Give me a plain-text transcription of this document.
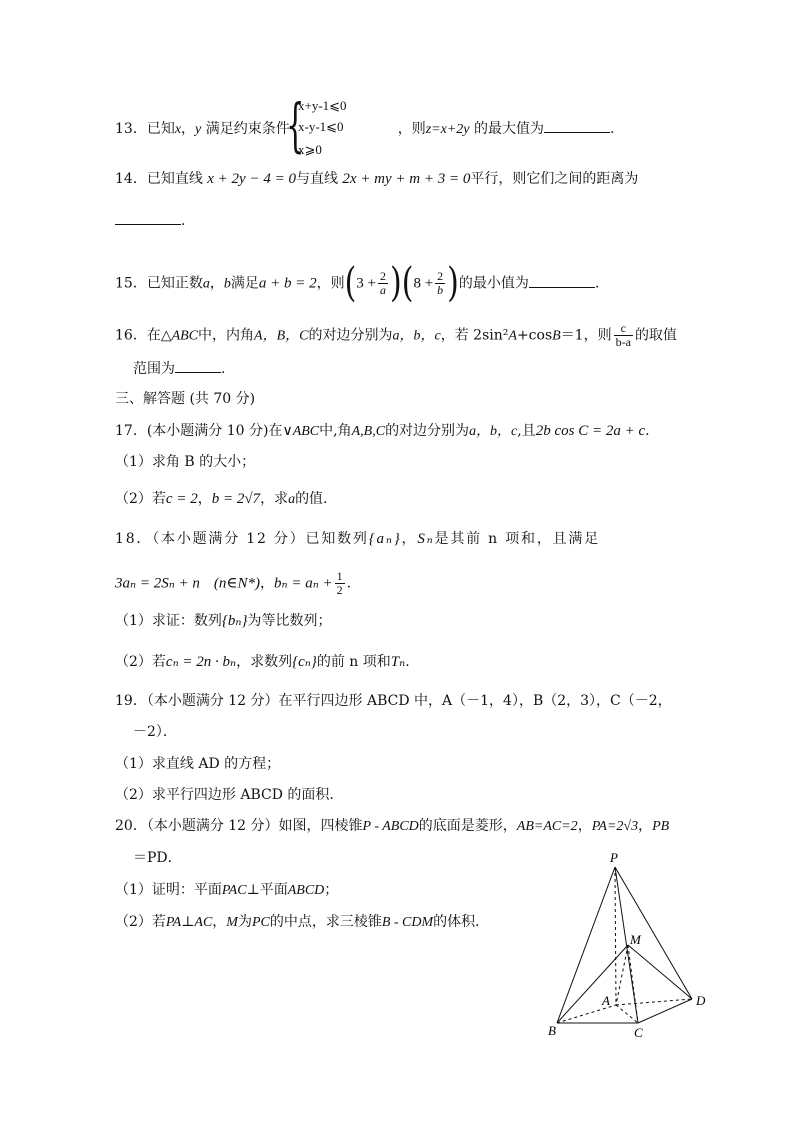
{
x+y-1⩽0
x-y-1⩽0
x⩾0
13．已知x，y 满足约束条件	，则z=x+2y 的最大值为	.
14．已知直线 x + 2y − 4 = 0与直线 2x + my + m + 3 = 0平行，则它们之间的距离为
.
15．已知正数a，b满足a + b = 2，则$(3 + \frac{2}{a} )(8 + \frac{2}{b}$ )的最小值为	.
16．在△ABC中，内角A，B，C的对边分别为a，b，c，若 2sin²A+cosB＝1，则 $\frac{c}{b-a}$ 的取值
范围为	.
三、解答题 (共 70 分)
17．(本小题满分 10 分)在∨ABC中,角A,B,C的对边分别为a，b，c,且2b cos C = 2a + c.
（1）求角 B 的大小；
（2）若c = 2，b = 2√7，求a的值.
18．（本小题满分 12 分）已知数列{aₙ}，Sₙ是其前 n 项和，且满足
3aₙ = 2Sₙ + n (n∈N*)，$b_n = a_n + \frac{1}{2}$ .
（1）求证：数列{bₙ}为等比数列；
（2）若cₙ = 2n · bₙ，求数列{cₙ}的前 n 项和Tₙ.
19．（本小题满分 12 分）在平行四边形 ABCD 中，A（－1，4），B（2，3），C（－2，
－2）．
（1）求直线 AD 的方程；
（2）求平行四边形 ABCD 的面积．
20．（本小题满分 12 分）如图，四棱锥P - ABCD的底面是菱形，AB=AC=2，PA=2√3，PB
＝PD．
（1）证明：平面PAC⊥平面ABCD；
（2）若PA⊥AC，M为PC的中点，求三棱锥B - CDM的体积．
P
M
A	D
B	C
